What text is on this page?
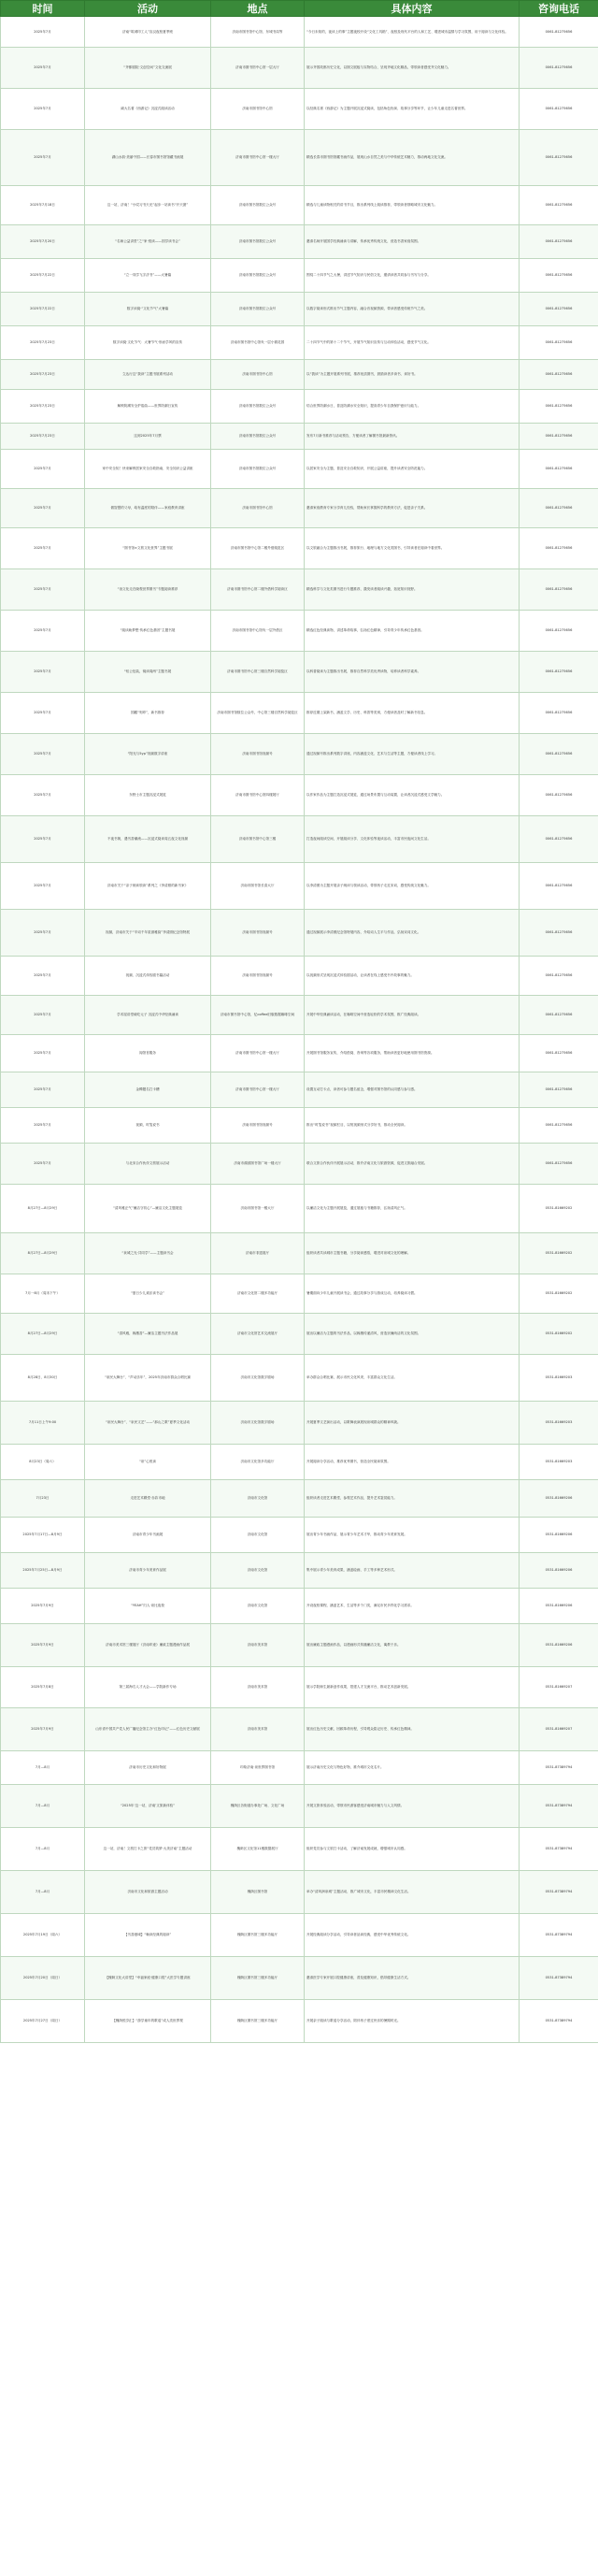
时间	活动	地点	具体内容	咨询电话
2025年7月	济南“筑城印工人”宣汉夜校夏季班	济南市图书馆中心馆、东城书局等	“今日未知的，夜读上的事”主题夜校开设“文化工具箱”、夜校及现代平台的人和工艺、增进城市温情与学习氛围，用于阅读与文化体验。	0061-81275656
2025年7月	“齐都剧院·文创空间”文化交流展	济南市图书馆中心馆一层大厅	展示齐国故都历史文化，以图文展板与实物结合，呈现齐地文化精品，带领读者感受齐文化魅力。	0061-81275656
2025年7月	阔大名著《西游记》沉浸式阅读活动	济南市图书馆中心馆	以经典名著《西游记》为主题开展沉浸式阅读，包括角色扮演、故事分享等环节，让少年儿童走进名著世界。	0061-81275656
2025年7月	湖山水韵·美丽中国——长春市图书馆馆藏书画展	济南市图书馆中心馆一楼大厅	精选长春市图书馆馆藏书画作品，展现山水自然之美与中华传统艺术魅力，推动两地文化交流。	0061-81275656
2025年7月18日	这一站，济南！“小哎习书天光”起步一站读书“开天窗”	济南市图书馆数位公众号	精选与儿童读物相关的讲书节目，推出系列线上阅读推荐，带领读者领略城市文化魅力。	0061-81275656
2025年7月20日	“名师公益讲堂”之“家·悦读——国学读书会”	济南市图书馆数位公众号	邀请名师开展国学经典诵读与讲解，传承优秀传统文化，营造书香家庭氛围。	0061-81275656
2025年7月22日	“立一同学飞字济书”——大暑篇	济南市图书馆数位公众号	围绕二十四节气之大暑，讲述节气知识与民俗文化，邀请读者共同参与书写与分享。	0061-81275656
2025年7月22日	数字读阅·“文化节气”大暑篇	济南市图书馆数位公众号	以数字阅读形式推出节气主题内容，融合音视频资源，带读者感受传统节气之美。	0061-81275656
2025年7月23日	数字读阅·文化节气：大暑节气·形而学风的宣传	济南市图书馆中心馆负一层小微花园	二十四节气中的第十二个节气，开展节气知识宣传与互动体验活动，感受节气文化。	0061-81275656
2025年7月23日	立达行这“我读”主题书展系列活动	济南市图书馆中心馆	以“我读”为主题开展系列书展，推荐优质图书，鼓励读者多读书、读好书。	0061-81275656
2025年7月23日	解锁防溺安全护盾曲——世界防溺日宣传	济南市图书馆数位公众号	结合世界防溺水日，普及防溺水安全知识，提高青少年自我保护意识与能力。	0061-81275656
2025年7月23日	这到2025年7月票	济南市图书馆数位公众号	发布7月新书推荐与活动预告，方便读者了解图书馆最新资讯。	0061-81275656
2025年7月	家中安全知！快来解锁居家安全自救指南、安全知识公益讲座	济南市图书馆数位公众号	以居家安全为主题，普及安全自救知识，开展公益讲座，提升读者安全防范能力。	0061-81275656
2025年7月	做智慧的父母，给有温度的陪伴——家庭教育讲座	济南市图书馆中心馆	邀请家庭教育专家分享育儿经验，帮助家长掌握科学的教育方法，促进亲子关系。	0061-81275656
2025年7月	“图书馆×文旅文化世界”主题书展	济南市图书馆中心馆二楼外借阅览区	以文旅融合为主题推出书展，推荐旅行、地理与地方文化类图书，引导读者在阅读中看世界。	0061-81275656
2025年7月	“治文化走在晓观世界图书”专题阅读推荐	济南市图书馆中心馆二楼外借科学阅读区	精选科学与文化类图书进行专题推荐，激发读者阅读兴趣，拓宽知识视野。	0061-81275656
2025年7月	“阅读助梦想·传承红色基因”主题书展	济南市图书馆中心馆负一层外借区	精选红色经典读物，讲述革命故事，弘扬红色精神，引导青少年传承红色基因。	0061-81275656
2025年7月	“钻公包装，镜读周两”主题书展	济南市图书馆中心馆三楼自然科学阅览区	以科普阅读为主题推出书展，推荐自然科学类优秀读物，培养读者科学素养。	0061-81275656
2025年7月	国藏“刻印”，新书推荐	济南市图书馆数位公众号，中心馆三楼自然科学阅览区	推荐近期上架新书，涵盖文学、历史、科普等类别，方便读者及时了解新书信息。	0061-81275656
2025年7月	“阳光与5yp”视频数字讲座	济南市图书馆视频号	通过视频号推出系列数字讲座，内容涵盖文化、艺术与生活等主题，方便读者线上学习。	0061-81275656
2025年7月	东野士市主题沉浸式展览	济南市图书馆中心馆四楼展厅	以作家作品为主题打造沉浸式展览，通过场景布置与互动装置，让读者沉浸式感受文学魅力。	0061-81275656
2025年7月	不夜书街，遇书香潮流——沉浸式阅读周五夜文化视频	济南市图书馆中心馆三楼	打造夜间阅读空间，开展阅读分享、文化体验等夜读活动，丰富市民夜间文化生活。	0061-81275656
2025年7月	济南市关于“亲子朗读领读”系列之《李清照的新书家》	济南市图书馆长清大厅	以李清照为主题开展亲子朗读与领读活动，带领孩子走近宋词，感受传统文化魅力。	0061-81275656
2025年7月	视频，济南市关于“辛词千年星颁雅韵”李清照纪念馆特展	济南市图书馆视频号	通过视频展示李清照纪念馆特展内容，介绍词人生平与作品，弘扬宋词文化。	0061-81275656
2025年7月	视频、沉浸式体验剧书篇活动	济南市图书馆视频号	以视频形式呈现沉浸式体验剧活动，让读者在线上感受书中故事的魅力。	0061-81275656
2025年7月	学术屋讲堂载吃元子 沉浸式中华经典诵读	济南市图书馆中心馆，忆coffee旧版数据咖啡空间	开展中华经典诵读活动，在咖啡空间中营造轻松的学术氛围，推广经典阅读。	0061-81275656
2025年7月	闻馆首服务	济南市图书馆中心馆一楼大厅	开展图书馆服务宣传，介绍借阅、咨询等各项服务，帮助读者更好地使用图书馆资源。	0061-81275656
2025年7月	金樽题名打卡槽	济南市图书馆中心馆一楼大厅	设置互动打卡点，读者可参与题名留念，增强对图书馆的认同感与参与感。	0061-81275656
2025年7月	视频，时笺说书	济南市图书馆视频号	推出“时笺说书”视频栏目，以短视频形式分享好书，推动全民阅读。	0061-81275656
2025年7月	与北宋合作伙伴文旅展示活动	济南市湖滨图书馆广场一楼大厅	联合文旅合作伙伴开展展示活动，推介济南文化与旅游资源，促进文旅融合发展。	0061-81275656
8月27日—8月29日	“清风雅正气”廉洁守初心”—廉洁文化主题展览	济南市图书馆一楼大厅	以廉洁文化为主题开展展览，通过展板与书籍推荐，弘扬清风正气。	0531-81669202
8月27日—8月29日	“泉城之光·共同学”——主题读书会	济南市非遗展厅	组织读者共读城市主题书籍，分享阅读感悟，增进对泉城文化的理解。	0531-81669202
7月一8月（周末下午）	“夏日少儿欢乐读书会”	济南市文化馆二楼多功能厅	暑期面向少年儿童开展读书会，通过故事分享与游戏互动，培养阅读习惯。	0531-81669202
8月27日—8月29日	“清风雅，翰墨香”—廉洁主题书法作品展	济南市文化馆艺术交流展厅	展出以廉洁为主题的书法作品，以翰墨传递清风，营造崇廉尚洁的文化氛围。	0531-81669202
8月28日、8月30日	“泉民大舞台”、“声动乐年”，2025年济南市群众合唱比赛	济南市文化馆数字剧场	举办群众合唱比赛，展示市民文化风采，丰富群众文化生活。	0531-81669203
7月11日上午9:00	“泉民大舞台”、“泉民文艺”——“那山之歌”夏季文化活动	济南市文化馆数字剧场	开展夏季文艺演出活动，以歌舞表演展现泉城群众的精神风貌。	0531-81669203
8月23日（周六）	“泉”心悦读	济南市文化馆多功能厅	开展阅读分享活动，推荐优秀图书，营造全民阅读氛围。	0531-81669203
7月23日	走进艺术殿堂·赤彩市地	济南市文化馆	组织读者走进艺术殿堂，参观艺术作品，提升艺术鉴赏能力。	0531-81669206
2025年7月17日—8月9日	济南市青少年书画展	济南市文化馆	展出青少年书画作品，展示青少年艺术才华，推动青少年美育发展。	0531-81669206
2025年7月25日—8月9日	济南市青少年美育作品展	济南市文化馆	集中展示青少年美育成果，涵盖绘画、手工等多种艺术形式。	0531-81669206
2025年7月9日	“YEAH”归人·泉比夜校	济南市文化馆	开设夜校课程，涵盖艺术、生活等多个门类，满足市民多样化学习需求。	0531-81669206
2025年7月9日	济南市美术馆三楼展厅《济南印迹》廉政主题漫画作品展	济南市美术馆	展出廉政主题漫画作品，以漫画形式传播廉洁文化，寓教于乐。	0531-81669206
2025年7月8日	第三届海右人才大会——学院新作专场	济南市美术馆	展示学院师生最新创作成果，搭建人才交流平台，推动艺术创新发展。	0531-81669207
2025年7月9日	山东省中国共产党人民广播纪念馆主办“红色印记”——红色历史文献展	济南市美术馆	展出红色历史文献，回顾革命历程，引导观众铭记历史、传承红色精神。	0531-81669207
7月—8月	济南市历史文化和好物展	印象济南·泉世界图书馆	展示济南历史文化与特色好物，推介城市文化名片。	0531-87389794
7月—8月	“2025年‘这一站，济南’文旅新体验”	槐荫区各街道办事处广场、文化广场	开展文旅体验活动，带领市民游客感受济南城市魅力与人文风情。	0531-87389794
7月—8月	这一站，济南！文旅打卡之旅“党员筑梦·大美济南”主题活动	槐荫区文化馆11楼数据展厅	组织党员参与文旅打卡活动，了解济南发展成就，增强城市认同感。	0531-87389794
7月—8月	济南市文化和旅游主题活动	槐荫区图书馆	举办“清风润泉城”主题活动，推广城市文化，丰富市民精神文化生活。	0531-87389794
2025年7月19日（周六）	【书香港城】“畅读经典的阅读”	槐荫区图书馆三楼多功能厅	开展经典阅读分享活动，引导读者品读经典，感受中华优秀传统文化。	0531-87389794
2025年7月20日（周日）	【槐荫文化大讲堂】“幸福家庭·健康口腔”大医学专题讲座	槐荫区图书馆三楼多功能厅	邀请医学专家开展口腔健康讲座，普及健康知识，倡导健康生活方式。	0531-87389794
2025年7月27日（周日）	【槐荫悦享汇】“游学童年的歌谣”成人类世界观	槐荫区图书馆三楼多功能厅	开展亲子阅读与歌谣分享活动，陪伴孩子度过快乐的暑期时光。	0531-87389794
